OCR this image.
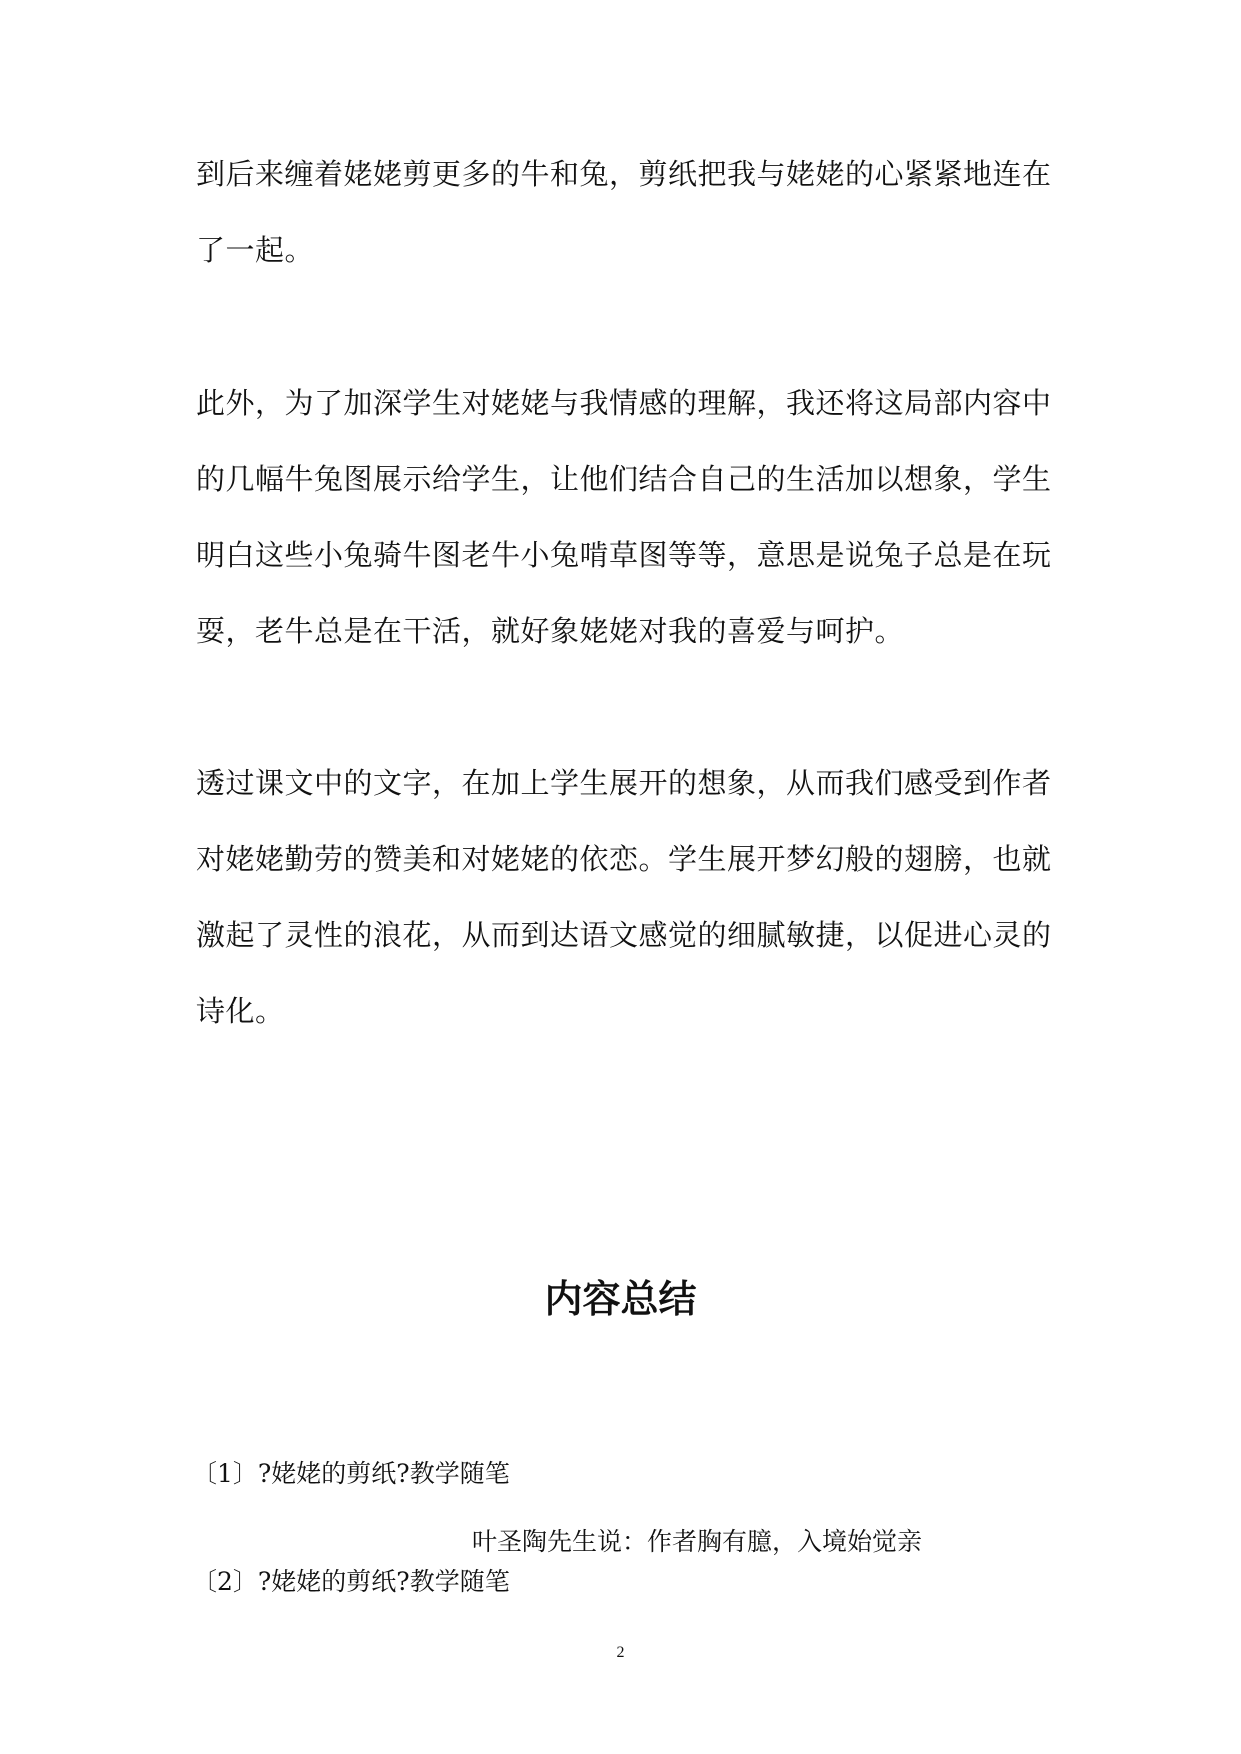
到后来缠着姥姥剪更多的牛和兔，剪纸把我与姥姥的心紧紧地连在
了一起。
此外，为了加深学生对姥姥与我情感的理解，我还将这局部内容中
的几幅牛兔图展示给学生，让他们结合自己的生活加以想象，学生
明白这些小兔骑牛图老牛小兔啃草图等等，意思是说兔子总是在玩
耍，老牛总是在干活，就好象姥姥对我的喜爱与呵护。
透过课文中的文字，在加上学生展开的想象，从而我们感受到作者
对姥姥勤劳的赞美和对姥姥的依恋。学生展开梦幻般的翅膀，也就
激起了灵性的浪花，从而到达语文感觉的细腻敏捷，以促进心灵的
诗化。
内容总结

〔1〕?姥姥的剪纸?教学随笔

叶圣陶先生说：作者胸有臆，入境始觉亲

〔2〕?姥姥的剪纸?教学随笔

2
